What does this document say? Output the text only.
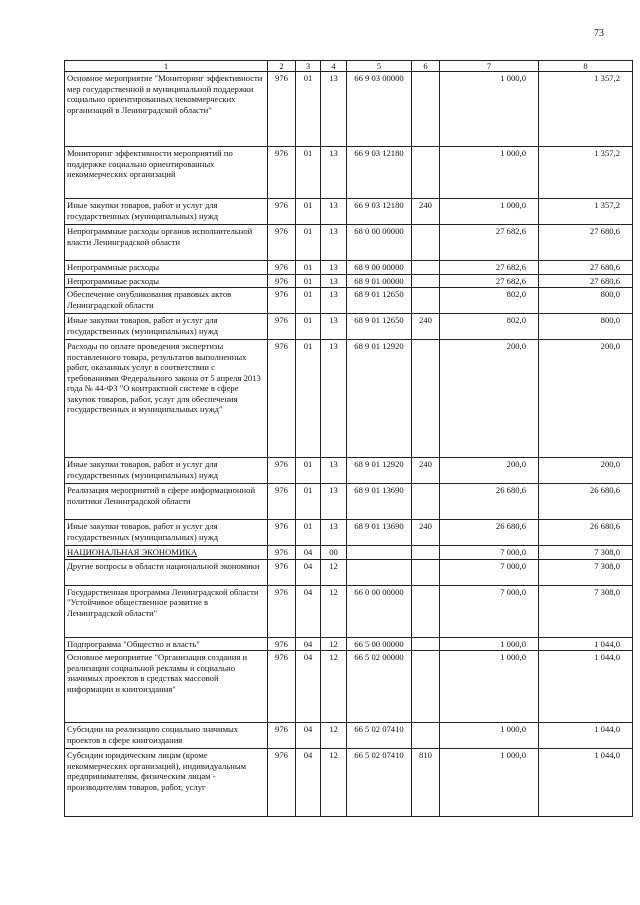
73
1	2	3	4	5	6	7	8
Основное мероприятие "Мониторинг эффективности мер государственной и муниципальной поддержки социально ориентированных некоммерческих организаций в Ленинградской области"	976	01	13	66 9 03 00000		1 000,0	1 357,2
Мониторинг эффективности мероприятий по поддержке социально ориентированных некоммерческих организаций	976	01	13	66 9 03 12180		1 000,0	1 357,2
Иные закупки товаров, работ и услуг для государственных (муниципальных) нужд	976	01	13	66 9 03 12180	240	1 000,0	1 357,2
Непрограммные расходы органов исполнительной власти Ленинградской области	976	01	13	68 0 00 00000		27 682,6	27 680,6
Непрограммные расходы	976	01	13	68 9 00 00000		27 682,6	27 680,6
Непрограммные расходы	976	01	13	68 9 01 00000		27 682,6	27 680,6
Обеспечение опубликования правовых актов Ленинградской области	976	01	13	68 9 01 12650		802,0	800,0
Иные закупки товаров, работ и услуг для государственных (муниципальных) нужд	976	01	13	68 9 01 12650	240	802,0	800,0
Расходы по оплате проведения экспертизы поставленного товара, результатов выполненных работ, оказанных услуг в соответствии с требованиями Федерального закона от 5 апреля 2013 года № 44-ФЗ "О контрактной системе в сфере закупок товаров, работ, услуг для обеспечения государственных и муниципальных нужд"	976	01	13	68 9 01 12920		200,0	200,0
Иные закупки товаров, работ и услуг для государственных (муниципальных) нужд	976	01	13	68 9 01 12920	240	200,0	200,0
Реализация мероприятий в сфере информационной политики Ленинградской области	976	01	13	68 9 01 13690		26 680,6	26 680,6
Иные закупки товаров, работ и услуг для государственных (муниципальных) нужд	976	01	13	68 9 01 13690	240	26 680,6	26 680,6
НАЦИОНАЛЬНАЯ ЭКОНОМИКА	976	04	00			7 000,0	7 308,0
Другие вопросы в области национальной экономики	976	04	12			7 000,0	7 308,0
Государственная программа Ленинградской области "Устойчивое общественное развитие в Ленинградской области"	976	04	12	66 0 00 00000		7 000,0	7 308,0
Подпрограмма "Общество и власть"	976	04	12	66 5 00 00000		1 000,0	1 044,0
Основное мероприятие "Организация создания и реализации социальной рекламы и социально значимых проектов в средствах массовой информации и книгоиздания"	976	04	12	66 5 02 00000		1 000,0	1 044,0
Субсидии на реализацию социально значимых проектов в сфере книгоиздания	976	04	12	66 5 02 07410		1 000,0	1 044,0
Субсидии юридическим лицам (кроме некоммерческих организаций), индивидуальным предпринимателям, физическим лицам - производителям товаров, работ, услуг	976	04	12	66 5 02 07410	810	1 000,0	1 044,0
